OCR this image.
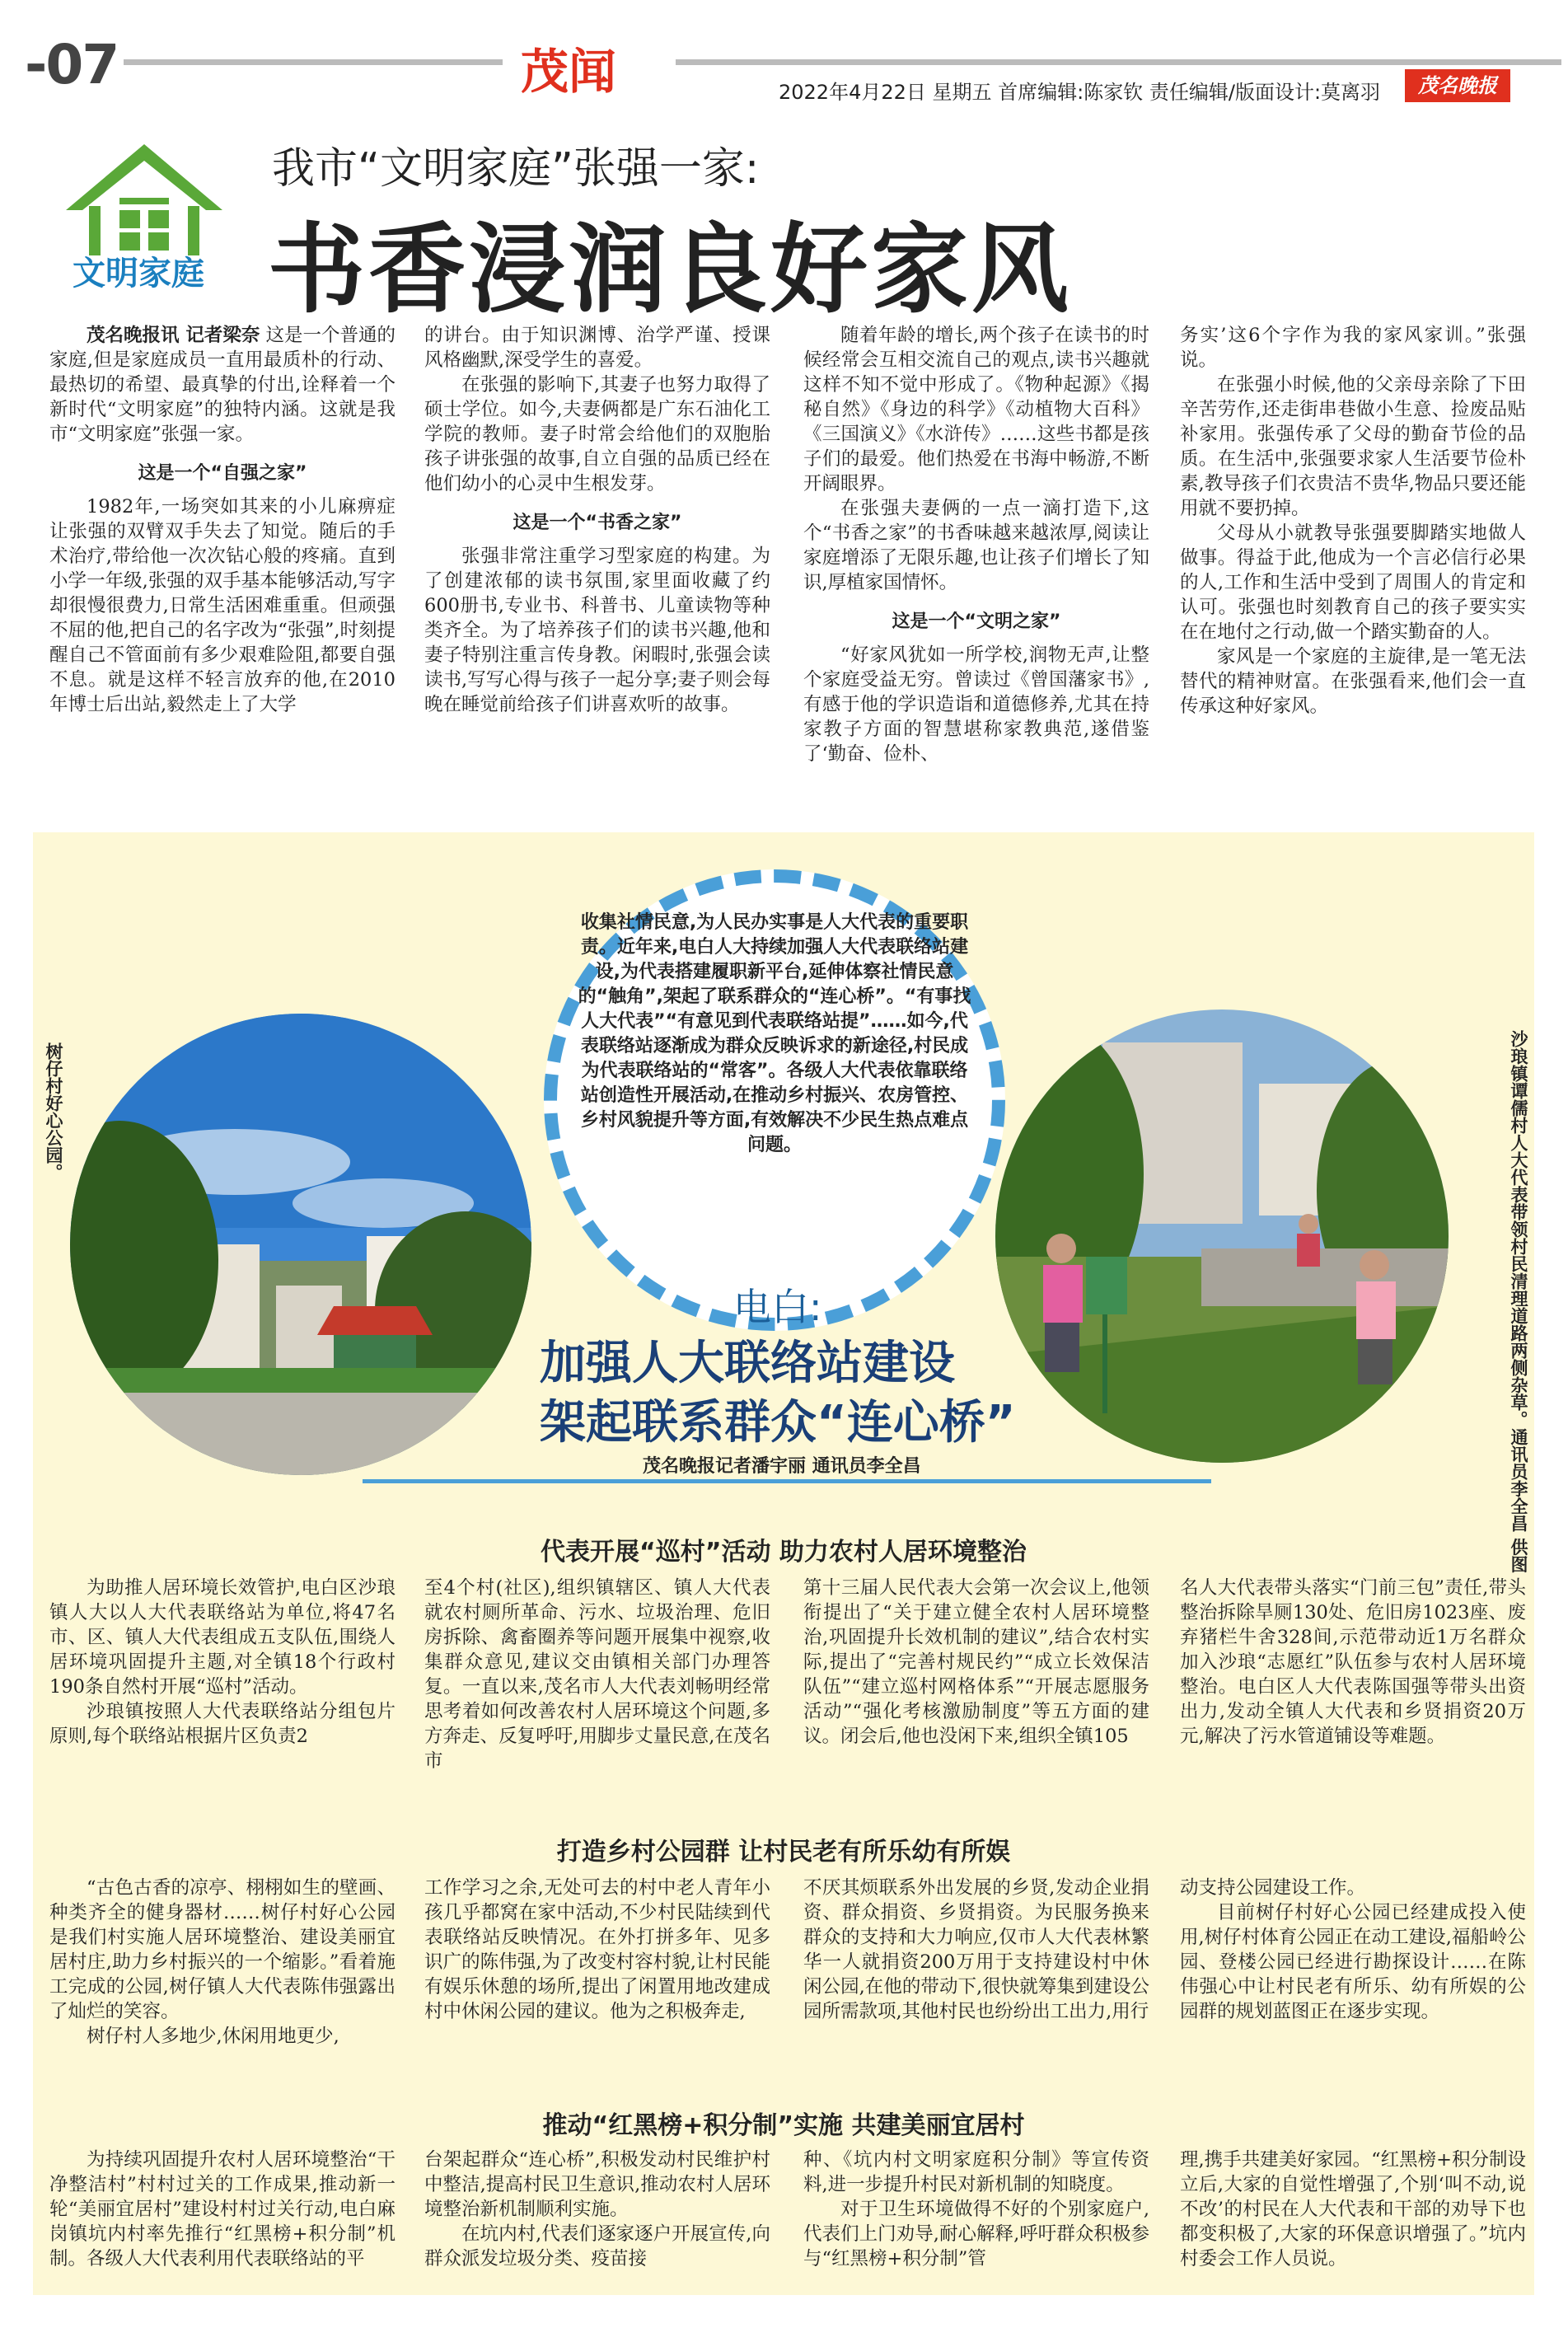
-07	茂闻	2022年4月22日 星期五 首席编辑:陈家钦 责任编辑/版面设计:莫离羽	茂名晚报
文明家庭
我市“文明家庭”张强一家:
书香浸润良好家风

茂名晚报讯 记者梁奈 这是一个普通的家庭,但是家庭成员一直用最质朴的行动、最热切的希望、最真挚的付出,诠释着一个新时代“文明家庭”的独特内涵。这就是我市“文明家庭”张强一家。

这是一个“自强之家”

1982年,一场突如其来的小儿麻痹症让张强的双臂双手失去了知觉。随后的手术治疗,带给他一次次钻心般的疼痛。直到小学一年级,张强的双手基本能够活动,写字却很慢很费力,日常生活困难重重。但顽强不屈的他,把自己的名字改为“张强”,时刻提醒自己不管面前有多少艰难险阻,都要自强不息。就是这样不轻言放弃的他,在2010年博士后出站,毅然走上了大学

的讲台。由于知识渊博、治学严谨、授课风格幽默,深受学生的喜爱。

在张强的影响下,其妻子也努力取得了硕士学位。如今,夫妻俩都是广东石油化工学院的教师。妻子时常会给他们的双胞胎孩子讲张强的故事,自立自强的品质已经在他们幼小的心灵中生根发芽。

这是一个“书香之家”

张强非常注重学习型家庭的构建。为了创建浓郁的读书氛围,家里面收藏了约600册书,专业书、科普书、儿童读物等种类齐全。为了培养孩子们的读书兴趣,他和妻子特别注重言传身教。闲暇时,张强会读读书,写写心得与孩子一起分享;妻子则会每晚在睡觉前给孩子们讲喜欢听的故事。

随着年龄的增长,两个孩子在读书的时候经常会互相交流自己的观点,读书兴趣就这样不知不觉中形成了。《物种起源》《揭秘自然》《身边的科学》《动植物大百科》《三国演义》《水浒传》……这些书都是孩子们的最爱。他们热爱在书海中畅游,不断开阔眼界。

在张强夫妻俩的一点一滴打造下,这个“书香之家”的书香味越来越浓厚,阅读让家庭增添了无限乐趣,也让孩子们增长了知识,厚植家国情怀。

这是一个“文明之家”

“好家风犹如一所学校,润物无声,让整个家庭受益无穷。曾读过《曾国藩家书》,有感于他的学识造诣和道德修养,尤其在持家教子方面的智慧堪称家教典范,遂借鉴了‘勤奋、俭朴、

务实’这6个字作为我的家风家训。”张强说。

在张强小时候,他的父亲母亲除了下田辛苦劳作,还走街串巷做小生意、捡废品贴补家用。张强传承了父母的勤奋节俭的品质。在生活中,张强要求家人生活要节俭朴素,教导孩子们衣贵洁不贵华,物品只要还能用就不要扔掉。

父母从小就教导张强要脚踏实地做人做事。得益于此,他成为一个言必信行必果的人,工作和生活中受到了周围人的肯定和认可。张强也时刻教育自己的孩子要实实在在地付之行动,做一个踏实勤奋的人。

家风是一个家庭的主旋律,是一笔无法替代的精神财富。在张强看来,他们会一直传承这种好家风。

树仔村好心公园。	沙琅镇谭儒村人大代表带领村民清理道路两侧杂草。通讯员李全昌 供图
收集社情民意,为人民办实事是人大代表的重要职责。近年来,电白人大持续加强人大代表联络站建设,为代表搭建履职新平台,延伸体察社情民意的“触角”,架起了联系群众的“连心桥”。“有事找人大代表”“有意见到代表联络站提”……如今,代表联络站逐渐成为群众反映诉求的新途径,村民成为代表联络站的“常客”。各级人大代表依靠联络站创造性开展活动,在推动乡村振兴、农房管控、乡村风貌提升等方面,有效解决不少民生热点难点问题。
电白:
加强人大联络站建设
架起联系群众“连心桥”
茂名晚报记者潘宇丽 通讯员李全昌
代表开展“巡村”活动 助力农村人居环境整治

为助推人居环境长效管护,电白区沙琅镇人大以人大代表联络站为单位,将47名市、区、镇人大代表组成五支队伍,围绕人居环境巩固提升主题,对全镇18个行政村190条自然村开展“巡村”活动。

沙琅镇按照人大代表联络站分组包片原则,每个联络站根据片区负责2

至4个村(社区),组织镇辖区、镇人大代表就农村厕所革命、污水、垃圾治理、危旧房拆除、禽畜圈养等问题开展集中视察,收集群众意见,建议交由镇相关部门办理答复。一直以来,茂名市人大代表刘畅明经常思考着如何改善农村人居环境这个问题,多方奔走、反复呼吁,用脚步丈量民意,在茂名市

第十三届人民代表大会第一次会议上,他领衔提出了“关于建立健全农村人居环境整治,巩固提升长效机制的建议”,结合农村实际,提出了“完善村规民约”“成立长效保洁队伍”“建立巡村网格体系”“开展志愿服务活动”“强化考核激励制度”等五方面的建议。闭会后,他也没闲下来,组织全镇105

名人大代表带头落实“门前三包”责任,带头整治拆除旱厕130处、危旧房1023座、废弃猪栏牛舍328间,示范带动近1万名群众加入沙琅“志愿红”队伍参与农村人居环境整治。电白区人大代表陈国强等带头出资出力,发动全镇人大代表和乡贤捐资20万元,解决了污水管道铺设等难题。

打造乡村公园群 让村民老有所乐幼有所娱

“古色古香的凉亭、栩栩如生的壁画、种类齐全的健身器材……树仔村好心公园是我们村实施人居环境整治、建设美丽宜居村庄,助力乡村振兴的一个缩影。”看着施工完成的公园,树仔镇人大代表陈伟强露出了灿烂的笑容。

树仔村人多地少,休闲用地更少,

工作学习之余,无处可去的村中老人青年小孩几乎都窝在家中活动,不少村民陆续到代表联络站反映情况。在外打拼多年、见多识广的陈伟强,为了改变村容村貌,让村民能有娱乐休憩的场所,提出了闲置用地改建成村中休闲公园的建议。他为之积极奔走,

不厌其烦联系外出发展的乡贤,发动企业捐资、群众捐资、乡贤捐资。为民服务换来群众的支持和大力响应,仅市人大代表林繁华一人就捐资200万用于支持建设村中休闲公园,在他的带动下,很快就筹集到建设公园所需款项,其他村民也纷纷出工出力,用行

动支持公园建设工作。

目前树仔村好心公园已经建成投入使用,树仔村体育公园正在动工建设,福船岭公园、登楼公园已经进行勘探设计……在陈伟强心中让村民老有所乐、幼有所娱的公园群的规划蓝图正在逐步实现。

推动“红黑榜+积分制”实施 共建美丽宜居村

为持续巩固提升农村人居环境整治“干净整洁村”村村过关的工作成果,推动新一轮“美丽宜居村”建设村村过关行动,电白麻岗镇坑内村率先推行“红黑榜+积分制”机制。各级人大代表利用代表联络站的平

台架起群众“连心桥”,积极发动村民维护村中整洁,提高村民卫生意识,推动农村人居环境整治新机制顺利实施。

在坑内村,代表们逐家逐户开展宣传,向群众派发垃圾分类、疫苗接

种、《坑内村文明家庭积分制》等宣传资料,进一步提升村民对新机制的知晓度。

对于卫生环境做得不好的个别家庭户,代表们上门劝导,耐心解释,呼吁群众积极参与“红黑榜+积分制”管

理,携手共建美好家园。“红黑榜+积分制设立后,大家的自觉性增强了,个别‘叫不动,说不改’的村民在人大代表和干部的劝导下也都变积极了,大家的环保意识增强了。”坑内村委会工作人员说。
